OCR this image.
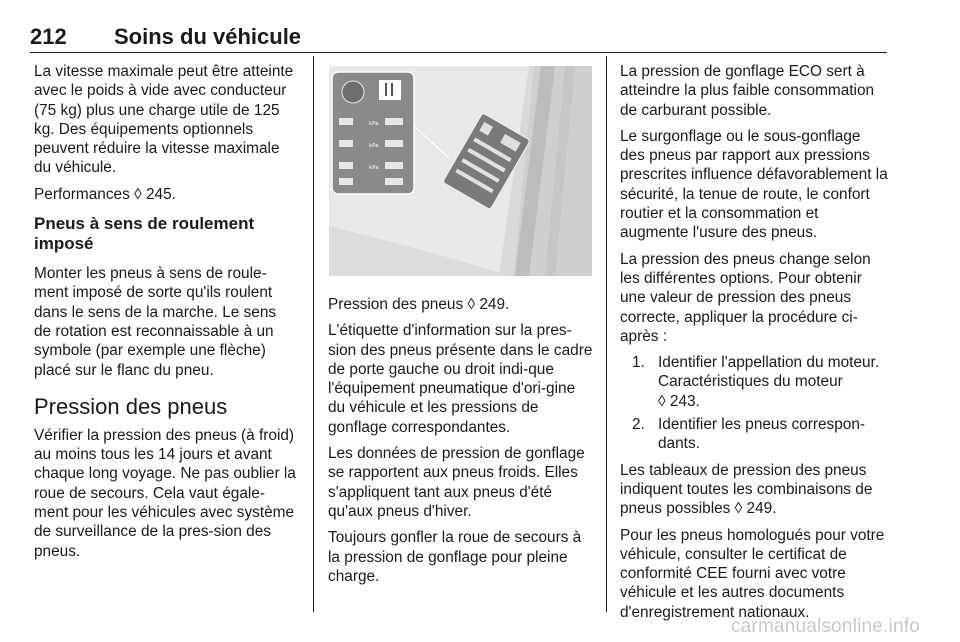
212 Soins du véhicule

La vitesse maximale peut être atteinte avec le poids à vide avec conducteur (75 kg) plus une charge utile de 125 kg. Des équipements optionnels peuvent réduire la vitesse maximale du véhicule.

Performances ◊ 245.

Pneus à sens de roulement imposé

Monter les pneus à sens de roule-ment imposé de sorte qu'ils roulent dans le sens de la marche. Le sens de rotation est reconnaissable à un symbole (par exemple une flèche) placé sur le flanc du pneu.

Pression des pneus

Vérifier la pression des pneus (à froid) au moins tous les 14 jours et avant chaque long voyage. Ne pas oublier la roue de secours. Cela vaut égale-ment pour les véhicules avec système de surveillance de la pres-sion des pneus.

kPa
kPa
kPa

Pression des pneus ◊ 249.

L'étiquette d'information sur la pres-sion des pneus présente dans le cadre de porte gauche ou droit indi-que l'équipement pneumatique d'ori-gine du véhicule et les pressions de gonflage correspondantes.

Les données de pression de gonflage se rapportent aux pneus froids. Elles s'appliquent tant aux pneus d'été qu'aux pneus d'hiver.

Toujours gonfler la roue de secours à la pression de gonflage pour pleine charge.

La pression de gonflage ECO sert à atteindre la plus faible consommation de carburant possible.

Le surgonflage ou le sous-gonflage des pneus par rapport aux pressions prescrites influence défavorablement la sécurité, la tenue de route, le confort routier et la consommation et augmente l'usure des pneus.

La pression des pneus change selon les différentes options. Pour obtenir une valeur de pression des pneus correcte, appliquer la procédure ci-après :

1. Identifier l'appellation du moteur. Caractéristiques du moteur
◊ 243.
2. Identifier les pneus correspon-dants.

Les tableaux de pression des pneus indiquent toutes les combinaisons de pneus possibles ◊ 249.

Pour les pneus homologués pour votre véhicule, consulter le certificat de conformité CEE fourni avec votre véhicule et les autres documents d'enregistrement nationaux.

carmanualsonline.info
